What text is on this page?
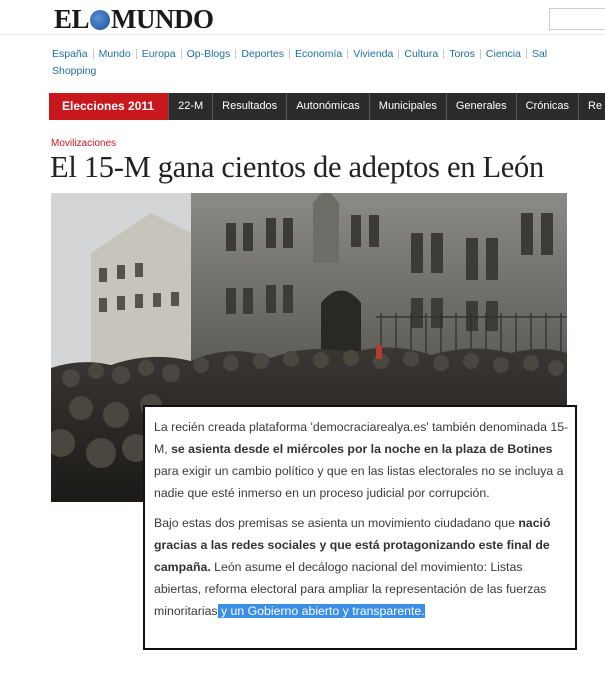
EL MUNDO
España Mundo Europa Op-Blogs Deportes Economía Vivienda Cultura Toros Ciencia Sal
Shopping
Elecciones 2011 22-M Resultados Autonómicas Municipales Generales Crónicas Re
Movilizaciones
El 15-M gana cientos de adeptos en León

La recién creada plataforma 'democraciarealya.es' también denominada 15-M, se asienta desde el miércoles por la noche en la plaza de Botines para exigir un cambio político y que en las listas electorales no se incluya a nadie que esté inmerso en un proceso judicial por corrupción.

Bajo estas dos premisas se asienta un movimiento ciudadano que nació gracias a las redes sociales y que está protagonizando este final de campaña. León asume el decálogo nacional del movimiento: Listas abiertas, reforma electoral para ampliar la representación de las fuerzas minoritarias y un Gobierno abierto y transparente.
